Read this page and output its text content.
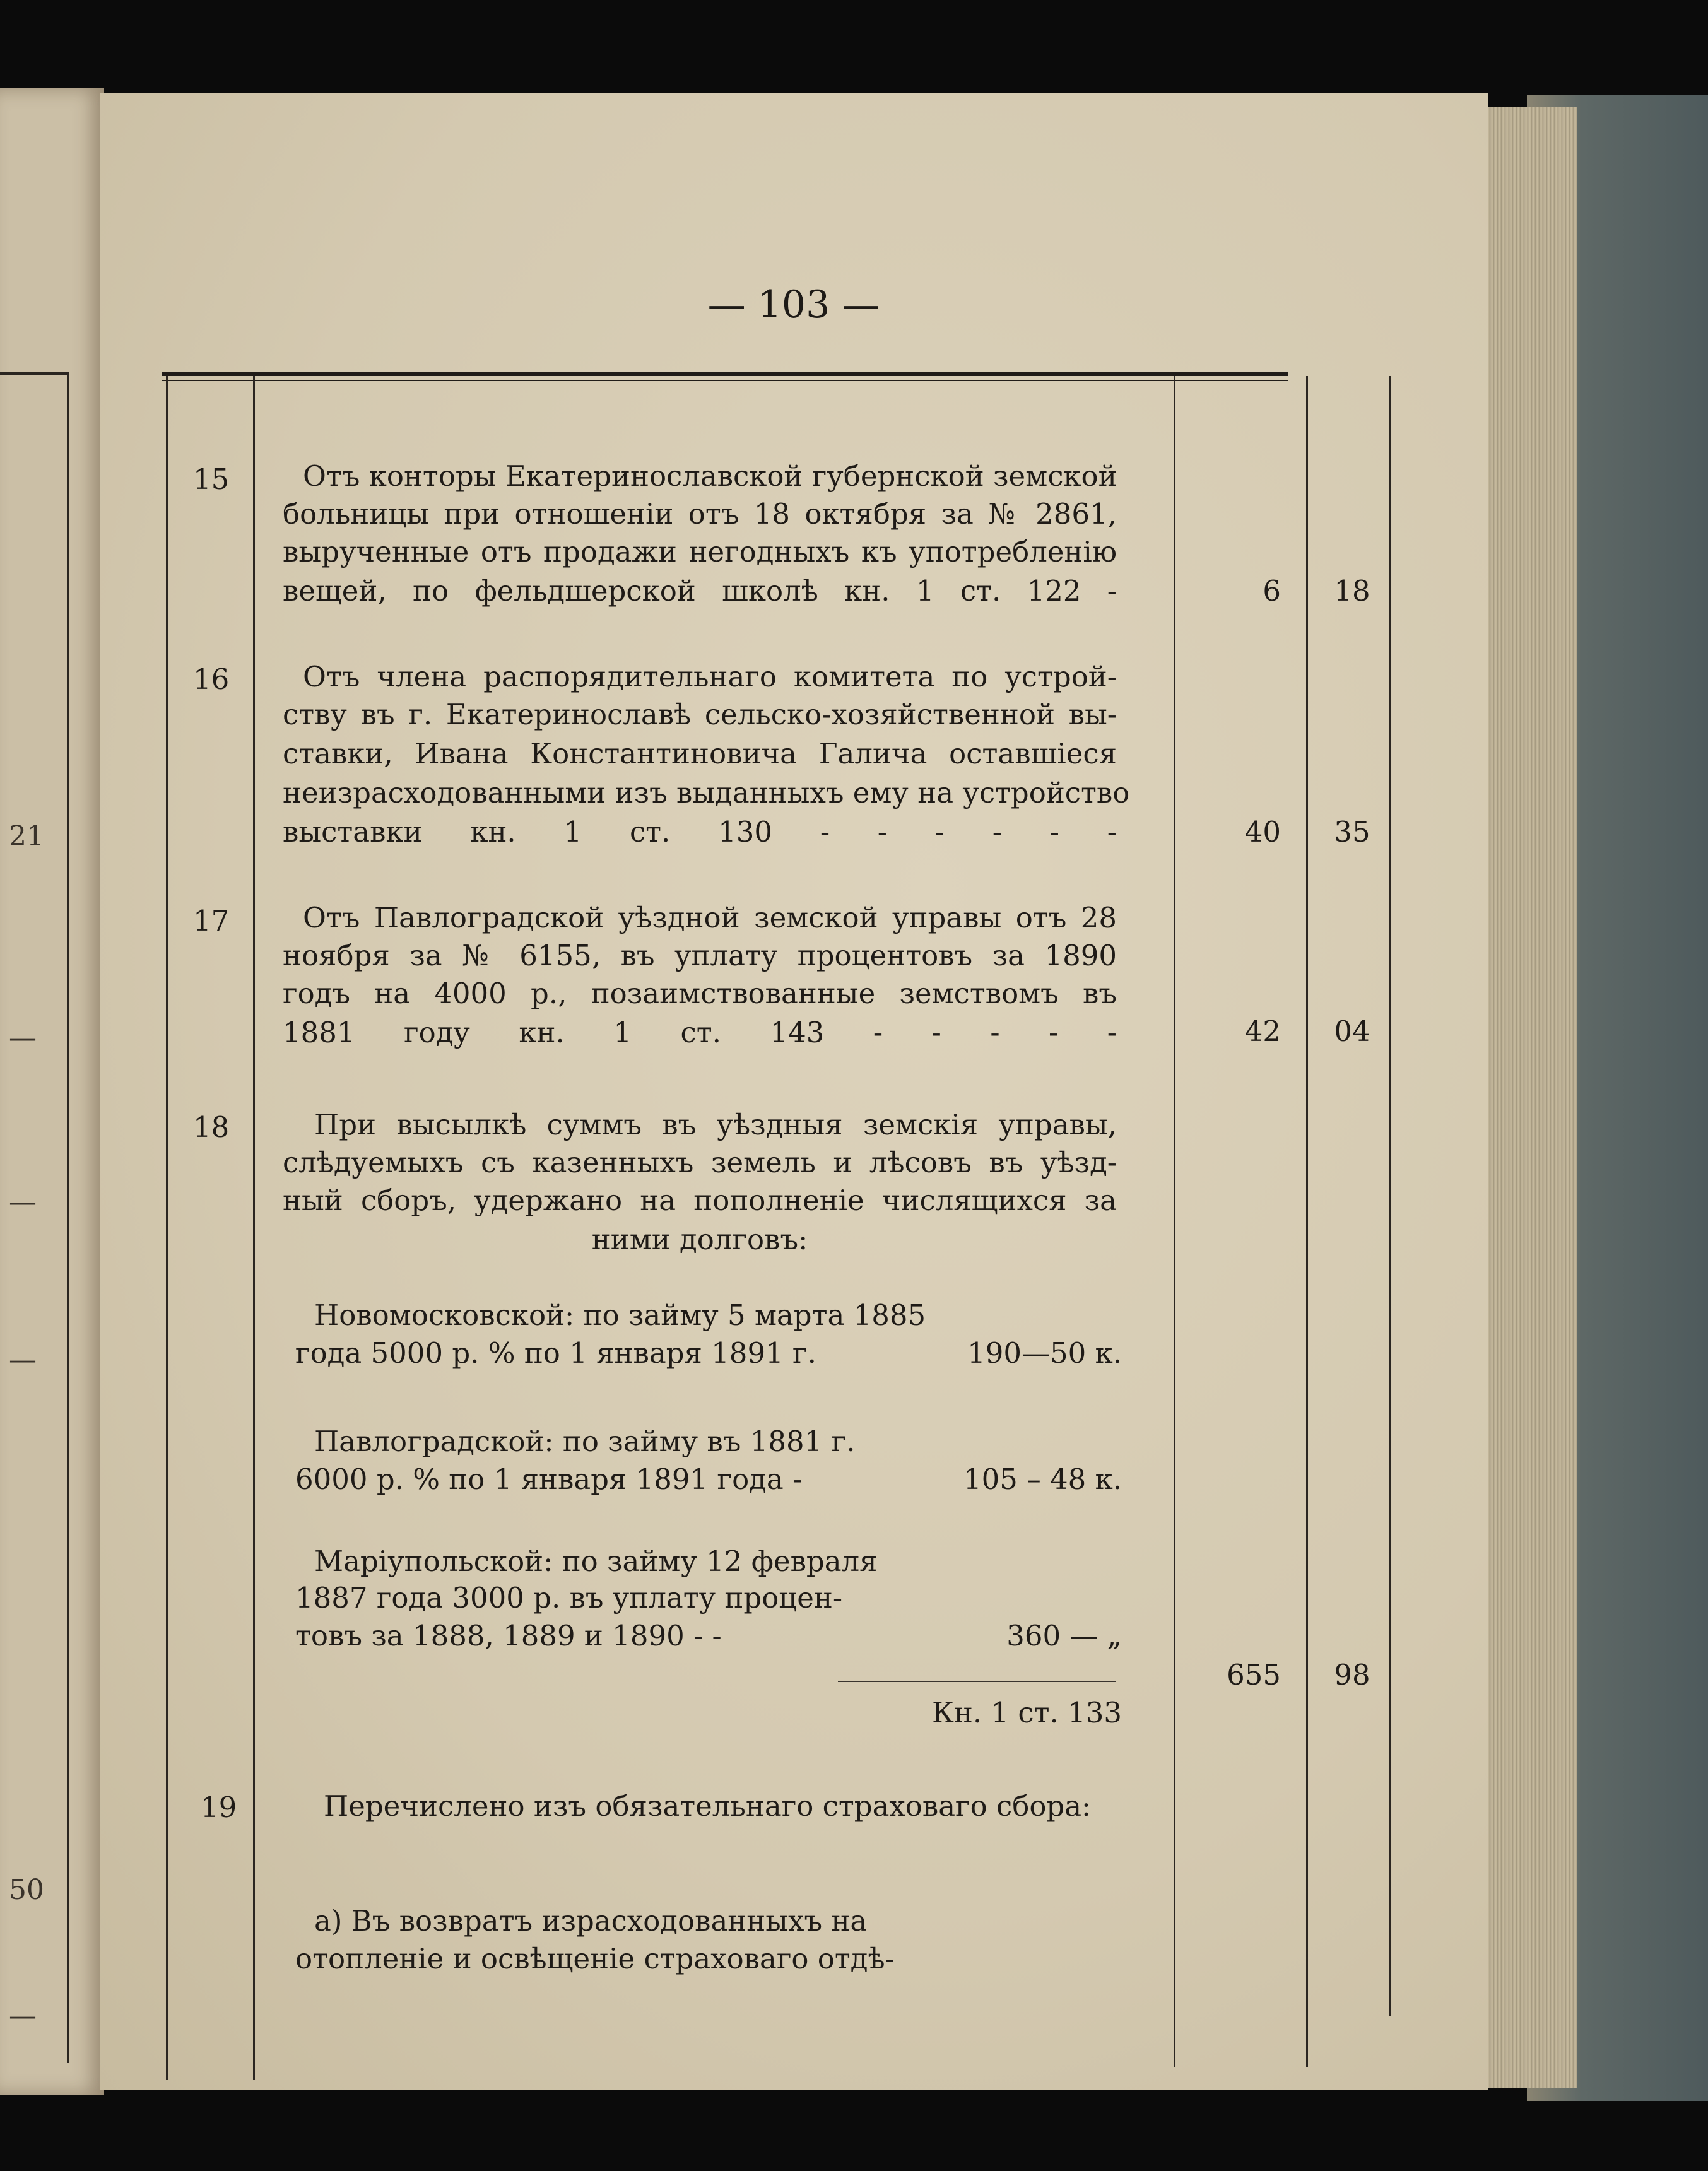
21
—
—
—
50
—
— 103 —
15	Отъ конторы Екатеринославской губернской земской
больницы при отношеніи отъ 18 октября за № 2861,
вырученные отъ продажи негодныхъ къ употребленію
вещей, по фельдшерской школѣ кн. 1 ст. 122 -	6	18
16	Отъ члена распорядительнаго комитета по устрой-
ству въ г. Екатеринославѣ сельско-хозяйственной вы-
ставки, Ивана Константиновича Галича оставшіеся
неизрасходованными изъ выданныхъ ему на устройство
выставки кн. 1 ст. 130 - - - - - -	40	35
17	Отъ Павлоградской уѣздной земской управы отъ 28
ноября за № 6155, въ уплату процентовъ за 1890
годъ на 4000 р., позаимствованные земствомъ въ
1881 году кн. 1 ст. 143 - - - - -	42	04
18	При высылкѣ суммъ въ уѣздныя земскія управы,
слѣдуемыхъ съ казенныхъ земель и лѣсовъ въ уѣзд-
ный сборъ, удержано на пополненіе числящихся за
ними долговъ:
Новомосковской: по займу 5 марта 1885
года 5000 р. % по 1 января 1891 г.	190—50 к.
Павлоградской: по займу въ 1881 г.
6000 р. % по 1 января 1891 года -	105 – 48 к.
Маріупольской: по займу 12 февраля
1887 года 3000 р. въ уплату процен-
товъ за 1888, 1889 и 1890 - -	360 — „
Кн. 1 ст. 133
655	98
19	Перечислено изъ обязательнаго страховаго сбора:
а) Въ возвратъ израсходованныхъ на
отопленіе и освѣщеніе страховаго отдѣ-
